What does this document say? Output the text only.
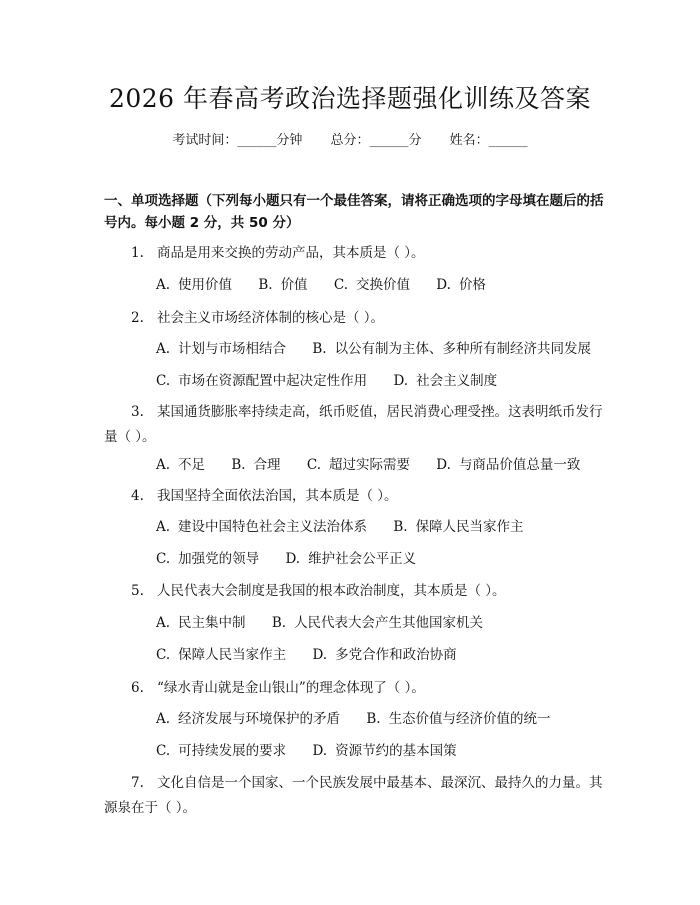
2026 年春高考政治选择题强化训练及答案
考试时间：______分钟 总分：______分 姓名：______
一、单项选择题（下列每小题只有一个最佳答案，请将正确选项的字母填在题后的括号内。每小题 2 分，共 50 分）
1. 商品是用来交换的劳动产品，其本质是（ ）。
A. 使用价值 B. 价值 C. 交换价值 D. 价格
2. 社会主义市场经济体制的核心是（ ）。
A. 计划与市场相结合 B. 以公有制为主体、多种所有制经济共同发展
C. 市场在资源配置中起决定性作用 D. 社会主义制度
3. 某国通货膨胀率持续走高，纸币贬值，居民消费心理受挫。这表明纸币发行量（ ）。
A. 不足 B. 合理 C. 超过实际需要 D. 与商品价值总量一致
4. 我国坚持全面依法治国，其本质是（ ）。
A. 建设中国特色社会主义法治体系 B. 保障人民当家作主
C. 加强党的领导 D. 维护社会公平正义
5. 人民代表大会制度是我国的根本政治制度，其本质是（ ）。
A. 民主集中制 B. 人民代表大会产生其他国家机关
C. 保障人民当家作主 D. 多党合作和政治协商
6. “绿水青山就是金山银山”的理念体现了（ ）。
A. 经济发展与环境保护的矛盾 B. 生态价值与经济价值的统一
C. 可持续发展的要求 D. 资源节约的基本国策
7. 文化自信是一个国家、一个民族发展中最基本、最深沉、最持久的力量。其源泉在于（ ）。
